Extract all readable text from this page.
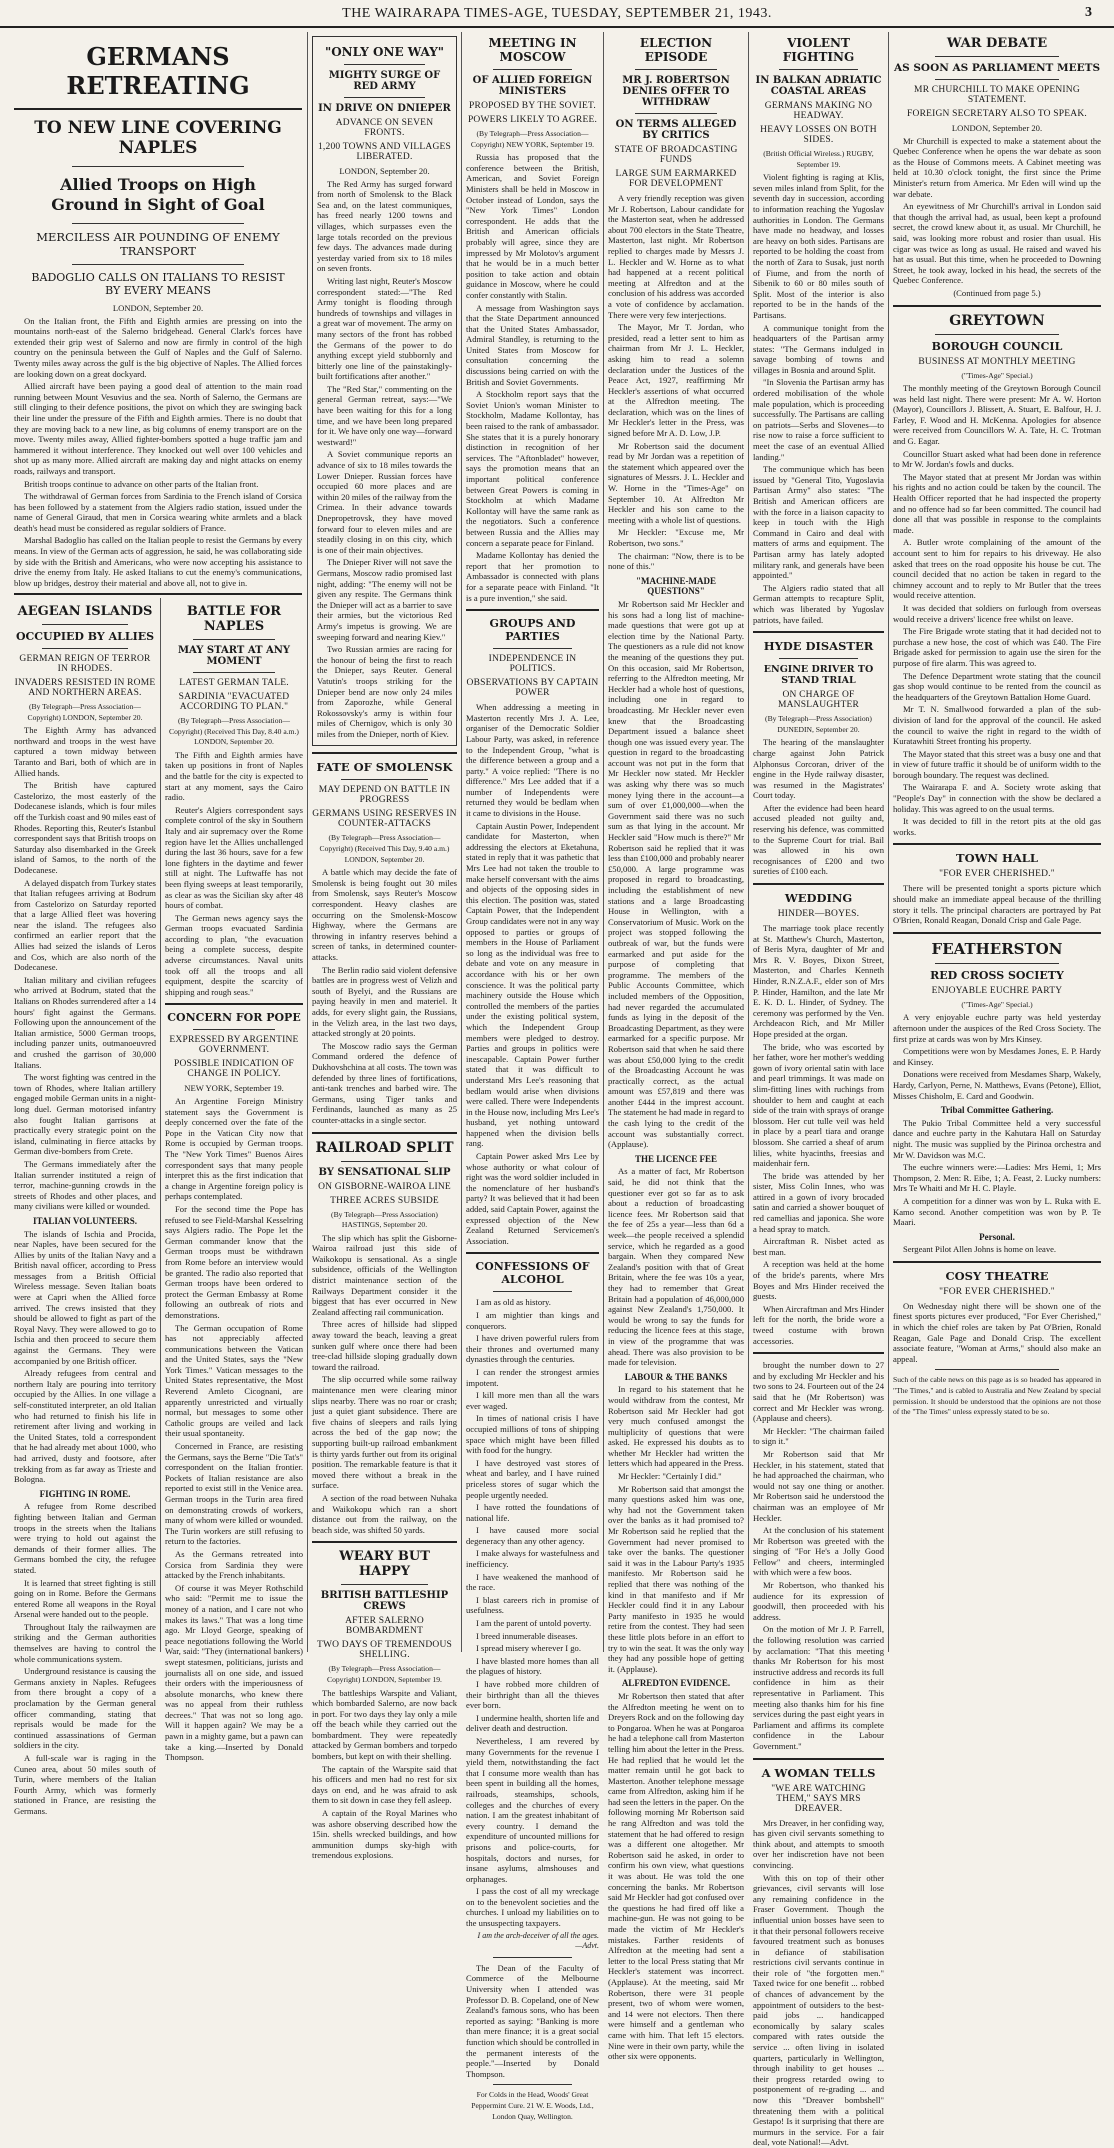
THE WAIRARAPA TIMES-AGE, TUESDAY, SEPTEMBER 21, 1943.	3
GERMANS RETREATING
TO NEW LINE COVERING NAPLES
Allied Troops on High Ground in Sight of Goal
MERCILESS AIR POUNDING OF ENEMY TRANSPORT
BADOGLIO CALLS ON ITALIANS TO RESIST BY EVERY MEANS

LONDON, September 20.

On the Italian front, the Fifth and Eighth armies are pressing on into the mountains north-east of the Salerno bridgehead. General Clark's forces have extended their grip west of Salerno and now are firmly in control of the high country on the peninsula between the Gulf of Naples and the Gulf of Salerno. Twenty miles away across the gulf is the big objective of Naples. The Allied forces are looking down on a great dockyard.

Allied aircraft have been paying a good deal of attention to the main road running between Mount Vesuvius and the sea. North of Salerno, the Germans are still clinging to their defence positions, the pivot on which they are swinging back their line under the pressure of the Fifth and Eighth armies. There is no doubt that they are moving back to a new line, as big columns of enemy transport are on the move. Twenty miles away, Allied fighter-bombers spotted a huge traffic jam and hammered it without interference. They knocked out well over 100 vehicles and shot up as many more. Allied aircraft are making day and night attacks on enemy roads, railways and transport.

British troops continue to advance on other parts of the Italian front.

The withdrawal of German forces from Sardinia to the French island of Corsica has been followed by a statement from the Algiers radio station, issued under the name of General Giraud, that men in Corsica wearing white armlets and a black death's head must be considered as regular soldiers of France.

Marshal Badoglio has called on the Italian people to resist the Germans by every means. In view of the German acts of aggression, he said, he was collaborating side by side with the British and Americans, who were now accepting his assistance to drive the enemy from Italy. He asked Italians to cut the enemy's communications, blow up bridges, destroy their material and above all, not to give in.

AEGEAN ISLANDS
OCCUPIED BY ALLIES
GERMAN REIGN OF TERROR IN RHODES.
INVADERS RESISTED IN ROME AND NORTHERN AREAS.

(By Telegraph—Press Association—Copyright) LONDON, September 20.

The Eighth Army has advanced northward and troops in the west have captured a town midway between Taranto and Bari, both of which are in Allied hands.

The British have captured Castelorizo, the most easterly of the Dodecanese islands, which is four miles off the Turkish coast and 90 miles east of Rhodes. Reporting this, Reuter's Istanbul correspondent says that British troops on Saturday also disembarked in the Greek island of Samos, to the north of the Dodecanese.

A delayed dispatch from Turkey states that Italian refugees arriving at Bodrum from Castelorizo on Saturday reported that a large Allied fleet was hovering near the island. The refugees also confirmed an earlier report that the Allies had seized the islands of Leros and Cos, which are also north of the Dodecanese.

Italian military and civilian refugees who arrived at Bodrum, stated that the Italians on Rhodes surrendered after a 14 hours' fight against the Germans. Following upon the announcement of the Italian armistice, 5000 German troops, including panzer units, outmanoeuvred and crushed the garrison of 30,000 Italians.

The worst fighting was centred in the town of Rhodes, where Italian artillery engaged mobile German units in a night-long duel. German motorised infantry also fought Italian garrisons at practically every strategic point on the island, culminating in fierce attacks by German dive-bombers from Crete.

The Germans immediately after the Italian surrender instituted a reign of terror, machine-gunning crowds in the streets of Rhodes and other places, and many civilians were killed or wounded.

ITALIAN VOLUNTEERS.

The islands of Ischia and Procida, near Naples, have been secured for the Allies by units of the Italian Navy and a British naval officer, according to Press messages from a British Official Wireless message. Seven Italian boats were at Capri when the Allied force arrived. The crews insisted that they should be allowed to fight as part of the Royal Navy. They were allowed to go to Ischia and then proceed to secure them against the Germans. They were accompanied by one British officer.

Already refugees from central and northern Italy are pouring into territory occupied by the Allies. In one village a self-constituted interpreter, an old Italian who had returned to finish his life in retirement after living and working in the United States, told a correspondent that he had already met about 1000, who had arrived, dusty and footsore, after trekking from as far away as Trieste and Bologna.

FIGHTING IN ROME.

A refugee from Rome described fighting between Italian and German troops in the streets when the Italians were trying to hold out against the demands of their former allies. The Germans bombed the city, the refugee stated.

It is learned that street fighting is still going on in Rome. Before the Germans entered Rome all weapons in the Royal Arsenal were handed out to the people.

Throughout Italy the railwaymen are striking and the German authorities themselves are having to control the whole communications system.

Underground resistance is causing the Germans anxiety in Naples. Refugees from there brought a copy of a proclamation by the German general officer commanding, stating that reprisals would be made for the continued assassinations of German soldiers in the city.

A full-scale war is raging in the Cuneo area, about 50 miles south of Turin, where members of the Italian Fourth Army, which was formerly stationed in France, are resisting the Germans.

BATTLE FOR NAPLES
MAY START AT ANY MOMENT
LATEST GERMAN TALE.
SARDINIA "EVACUATED ACCORDING TO PLAN."

(By Telegraph—Press Association—Copyright) (Received This Day, 8.40 a.m.) LONDON, September 20.

The Fifth and Eighth armies have taken up positions in front of Naples and the battle for the city is expected to start at any moment, says the Cairo radio.

Reuter's Algiers correspondent says complete control of the sky in Southern Italy and air supremacy over the Rome region have let the Allies unchallenged during the last 36 hours, save for a few lone fighters in the daytime and fewer still at night. The Luftwaffe has not been flying sweeps at least temporarily, as clear as was the Sicilian sky after 48 hours of combat.

The German news agency says the German troops evacuated Sardinia according to plan, "the evacuation being a complete success, despite adverse circumstances. Naval units took off all the troops and all equipment, despite the scarcity of shipping and rough seas."

CONCERN FOR POPE
EXPRESSED BY ARGENTINE GOVERNMENT.
POSSIBLE INDICATION OF CHANGE IN POLICY.

NEW YORK, September 19.

An Argentine Foreign Ministry statement says the Government is deeply concerned over the fate of the Pope in the Vatican City now that Rome is occupied by German troops. The "New York Times" Buenos Aires correspondent says that many people interpret this as the first indication that a change in Argentine foreign policy is perhaps contemplated.

For the second time the Pope has refused to see Field-Marshal Kesselring says Algiers radio. The Pope let the German commander know that the German troops must be withdrawn from Rome before an interview would be granted. The radio also reported that German troops have been ordered to protect the German Embassy at Rome following an outbreak of riots and demonstrations.

The German occupation of Rome has not appreciably affected communications between the Vatican and the United States, says the "New York Times." Vatican messages to the United States representative, the Most Reverend Amleto Cicognani, are apparently unrestricted and virtually normal, but messages to some other Catholic groups are veiled and lack their usual spontaneity.

Concerned in France, are resisting the Germans, says the Berne "Die Tat's" correspondent on the Italian frontier. Pockets of Italian resistance are also reported to exist still in the Venice area. German troops in the Turin area fired on demonstrating crowds of workers, many of whom were killed or wounded. The Turin workers are still refusing to return to the factories.

As the Germans retreated into Corsica from Sardinia they were attacked by the French inhabitants.

Of course it was Meyer Rothschild who said: "Permit me to issue the money of a nation, and I care not who makes its laws." That was a long time ago. Mr Lloyd George, speaking of peace negotiations following the World War, said: "They (international bankers) swept statesmen, politicians, jurists and journalists all on one side, and issued their orders with the imperiousness of absolute monarchs, who knew there was no appeal from their ruthless decrees." That was not so long ago. Will it happen again? We may be a pawn in a mighty game, but a pawn can take a king.—Inserted by Donald Thompson.

"ONLY ONE WAY"
MIGHTY SURGE OF RED ARMY
IN DRIVE ON DNIEPER
ADVANCE ON SEVEN FRONTS.
1,200 TOWNS AND VILLAGES LIBERATED.

LONDON, September 20.

The Red Army has surged forward from north of Smolensk to the Black Sea and, on the latest communiques, has freed nearly 1200 towns and villages, which surpasses even the large totals recorded on the previous few days. The advances made during yesterday varied from six to 18 miles on seven fronts.

Writing last night, Reuter's Moscow correspondent stated:—"The Red Army tonight is flooding through hundreds of townships and villages in a great war of movement. The army on many sectors of the front has robbed the Germans of the power to do anything except yield stubbornly and bitterly one line of the painstakingly-built fortifications after another."

The "Red Star," commenting on the general German retreat, says:—"We have been waiting for this for a long time, and we have been long prepared for it. We have only one way—forward westward!"

A Soviet communique reports an advance of six to 18 miles towards the Lower Dnieper. Russian forces have occupied 60 more places and are within 20 miles of the railway from the Crimea. In their advance towards Dnepropetrovsk, they have moved forward four to eleven miles and are steadily closing in on this city, which is one of their main objectives.

The Dnieper River will not save the Germans, Moscow radio promised last night, adding: "The enemy will not be given any respite. The Germans think the Dnieper will act as a barrier to save their armies, but the victorious Red Army's impetus is growing. We are sweeping forward and nearing Kiev."

Two Russian armies are racing for the honour of being the first to reach the Dnieper, says Reuter. General Vatutin's troops striking for the Dnieper bend are now only 24 miles from Zaporozhe, while General Rokossovsky's army is within four miles of Chernigov, which is only 30 miles from the Dnieper, north of Kiev.

FATE OF SMOLENSK
MAY DEPEND ON BATTLE IN PROGRESS
GERMANS USING RESERVES IN COUNTER-ATTACKS

(By Telegraph—Press Association—Copyright) (Received This Day, 9.40 a.m.) LONDON, September 20.

A battle which may decide the fate of Smolensk is being fought out 30 miles from Smolensk, says Reuter's Moscow correspondent. Heavy clashes are occurring on the Smolensk-Moscow Highway, where the Germans are throwing in infantry reserves behind a screen of tanks, in determined counter-attacks.

The Berlin radio said violent defensive battles are in progress west of Velizh and south of Byelyi, and the Russians are paying heavily in men and materiel. It adds, for every slight gain, the Russians, in the Velizh area, in the last two days, attacked strongly at 20 points.

The Moscow radio says the German Command ordered the defence of Dukhovshchina at all costs. The town was defended by three lines of fortifications, anti-tank trenches and barbed wire. The Germans, using Tiger tanks and Ferdinands, launched as many as 25 counter-attacks in a single sector.

RAILROAD SPLIT
BY SENSATIONAL SLIP
ON GISBORNE-WAIROA LINE
THREE ACRES SUBSIDE

(By Telegraph—Press Association) HASTINGS, September 20.

The slip which has split the Gisborne-Wairoa railroad just this side of Waikokopu is sensational. As a single subsidence, officials of the Wellington district maintenance section of the Railways Department consider it the biggest that has ever occurred in New Zealand affecting rail communication.

Three acres of hillside had slipped away toward the beach, leaving a great sunken gulf where once there had been tree-clad hillside sloping gradually down toward the railroad.

The slip occurred while some railway maintenance men were clearing minor slips nearby. There was no roar or crash; just a quiet giant subsidence. There are five chains of sleepers and rails lying across the bed of the gap now; the supporting built-up railroad embankment is thirty yards further out from its original position. The remarkable feature is that it moved there without a break in the surface.

A section of the road between Nuhaka and Waikokopu which ran a short distance out from the railway, on the beach side, was shifted 50 yards.

WEARY BUT HAPPY
BRITISH BATTLESHIP CREWS
AFTER SALERNO BOMBARDMENT
TWO DAYS OF TREMENDOUS SHELLING.

(By Telegraph—Press Association—Copyright) LONDON, September 19.

The battleships Warspite and Valiant, which bombarded Salerno, are now back in port. For two days they lay only a mile off the beach while they carried out the bombardment. They were repeatedly attacked by German bombers and torpedo bombers, but kept on with their shelling.

The captain of the Warspite said that his officers and men had no rest for six days on end, and he was afraid to ask them to sit down in case they fell asleep.

A captain of the Royal Marines who was ashore observing described how the 15in. shells wrecked buildings, and how ammunition dumps sky-high with tremendous explosions.

MEETING IN MOSCOW
OF ALLIED FOREIGN MINISTERS
PROPOSED BY THE SOVIET.
POWERS LIKELY TO AGREE.

(By Telegraph—Press Association—Copyright) NEW YORK, September 19.

Russia has proposed that the conference between the British, American, and Soviet Foreign Ministers shall be held in Moscow in October instead of London, says the "New York Times" London correspondent. He adds that the British and American officials probably will agree, since they are impressed by Mr Molotov's argument that he would be in a much better position to take action and obtain guidance in Moscow, where he could confer constantly with Stalin.

A message from Washington says that the State Department announced that the United States Ambassador, Admiral Standley, is returning to the United States from Moscow for consultation concerning the discussions being carried on with the British and Soviet Governments.

A Stockholm report says that the Soviet Union's woman Minister to Stockholm, Madame Kollontay, has been raised to the rank of ambassador. She states that it is a purely honorary distinction in recognition of her services. The "Aftonbladet" however, says the promotion means that an important political conference between Great Powers is coming in Stockholm at which Madame Kollontay will have the same rank as the negotiators. Such a conference between Russia and the Allies may concern a separate peace for Finland.

Madame Kollontay has denied the report that her promotion to Ambassador is connected with plans for a separate peace with Finland. "It is a pure invention," she said.

GROUPS AND PARTIES
INDEPENDENCE IN POLITICS.
OBSERVATIONS BY CAPTAIN POWER

When addressing a meeting in Masterton recently Mrs J. A. Lee, organiser of the Democratic Soldier Labour Party, was asked, in reference to the Independent Group, "what is the difference between a group and a party." A voice replied: "There is no difference." Mrs Lee added that if a number of Independents were returned they would be bedlam when it came to divisions in the House.

Captain Austin Power, Independent candidate for Masterton, when addressing the electors at Eketahuna, stated in reply that it was pathetic that Mrs Lee had not taken the trouble to make herself conversant with the aims and objects of the opposing sides in this election. The position was, stated Captain Power, that the Independent Group candidates were not in any way opposed to parties or groups of members in the House of Parliament so long as the individual was free to debate and vote on any measure in accordance with his or her own conscience. It was the political party machinery outside the House which controlled the members of the parties under the existing political system, which the Independent Group members were pledged to destroy. Parties and groups in politics were inescapable. Captain Power further stated that it was difficult to understand Mrs Lee's reasoning that bedlam would arise when divisions were called. There were Independents in the House now, including Mrs Lee's husband, yet nothing untoward happened when the division bells rang.

Captain Power asked Mrs Lee by whose authority or what colour of right was the word soldier included in the nomenclature of her husband's party? It was believed that it had been added, said Captain Power, against the expressed objection of the New Zealand Returned Servicemen's Association.

CONFESSIONS OF ALCOHOL

I am as old as history.

I am mightier than kings and conquerors.

I have driven powerful rulers from their thrones and overturned many dynasties through the centuries.

I can render the strongest armies impotent.

I kill more men than all the wars ever waged.

In times of national crisis I have occupied millions of tons of shipping space which might have been filled with food for the hungry.

I have destroyed vast stores of wheat and barley, and I have ruined priceless stores of sugar which the people urgently needed.

I have rotted the foundations of national life.

I have caused more social degeneracy than any other agency.

I make always for wastefulness and inefficiency.

I have weakened the manhood of the race.

I blast careers rich in promise of usefulness.

I am the parent of untold poverty.

I breed innumerable diseases.

I spread misery wherever I go.

I have blasted more homes than all the plagues of history.

I have robbed more children of their birthright than all the thieves ever born.

I undermine health, shorten life and deliver death and destruction.

Nevertheless, I am revered by many Governments for the revenue I yield them, notwithstanding the fact that I consume more wealth than has been spent in building all the homes, railroads, steamships, schools, colleges and the churches of every nation. I am the greatest inhabitant of every country. I demand the expenditure of uncounted millions for prisons and police-courts, for hospitals, doctors and nurses, for insane asylums, almshouses and orphanages.

I pass the cost of all my wreckage on to the benevolent societies and the churches. I unload my liabilities on to the unsuspecting taxpayers.

I am the arch-deceiver of all the ages.—Advt.

The Dean of the Faculty of Commerce of the Melbourne University when I attended was Professor D. B. Copeland, one of New Zealand's famous sons, who has been reported as saying: "Banking is more than mere finance; it is a great social function which should be controlled in the permanent interests of the people."—Inserted by Donald Thompson.

For Colds in the Head, Woods' Great Peppermint Cure. 21 W. E. Woods, Ltd., London Quay, Wellington.

ELECTION EPISODE
MR J. ROBERTSON DENIES OFFER TO WITHDRAW
ON TERMS ALLEGED BY CRITICS
STATE OF BROADCASTING FUNDS
LARGE SUM EARMARKED FOR DEVELOPMENT

A very friendly reception was given Mr J. Robertson, Labour candidate for the Masterton seat, when he addressed about 700 electors in the State Theatre, Masterton, last night. Mr Robertson replied to charges made by Messrs J. L. Heckler and W. Horne as to what had happened at a recent political meeting at Alfredton and at the conclusion of his address was accorded a vote of confidence by acclamation. There were very few interjections.

The Mayor, Mr T. Jordan, who presided, read a letter sent to him as chairman from Mr J. L. Heckler, asking him to read a solemn declaration under the Justices of the Peace Act, 1927, reaffirming Mr Heckler's assertions of what occurred at the Alfredton meeting. The declaration, which was on the lines of Mr Heckler's letter in the Press, was signed before Mr A. D. Low, J.P.

Mr Robertson said the document read by Mr Jordan was a repetition of the statement which appeared over the signatures of Messrs. J. L. Heckler and W. Horne in the "Times-Age" on September 10. At Alfredton Mr Heckler and his son came to the meeting with a whole list of questions.

Mr Heckler: "Excuse me, Mr Robertson, two sons."

The chairman: "Now, there is to be none of this."

"MACHINE-MADE QUESTIONS"

Mr Robertson said Mr Heckler and his sons had a long list of machine-made questions that were got up at election time by the National Party. The questioners as a rule did not know the meaning of the questions they put. On this occasion, said Mr Robertson, referring to the Alfredton meeting, Mr Heckler had a whole host of questions, including one in regard to broadcasting. Mr Heckler never even knew that the Broadcasting Department issued a balance sheet though one was issued every year. The question in regard to the broadcasting account was not put in the form that Mr Heckler now stated. Mr Heckler was asking why there was so much money lying there in the account—a sum of over £1,000,000—when the Government said there was no such sum as that lying in the account. Mr Heckler said "How much is there?" Mr Robertson said he replied that it was less than £100,000 and probably nearer £50,000. A large programme was proposed in regard to broadcasting, including the establishment of new stations and a large Broadcasting House in Wellington, with a Conservatorium of Music. Work on the project was stopped following the outbreak of war, but the funds were earmarked and put aside for the purpose of completing that programme. The members of the Public Accounts Committee, which included members of the Opposition, had never regarded the accumulated funds as lying in the deposit of the Broadcasting Department, as they were earmarked for a specific purpose. Mr Robertson said that when he said there was about £50,000 lying to the credit of the Broadcasting Account he was practically correct, as the actual amount was £57,819 and there was another £444 in the imprest account. The statement he had made in regard to the cash lying to the credit of the account was substantially correct. (Applause).

THE LICENCE FEE

As a matter of fact, Mr Robertson said, he did not think that the questioner ever got so far as to ask about a reduction of broadcasting licence fees. Mr Robertson said that the fee of 25s a year—less than 6d a week—the people received a splendid service, which he regarded as a good bargain. When they compared New Zealand's position with that of Great Britain, where the fee was 10s a year, they had to remember that Great Britain had a population of 46,000,000 against New Zealand's 1,750,000. It would be wrong to say the funds for reducing the licence fees at this stage, in view of the programme that was ahead. There was also provision to be made for television.

LABOUR & THE BANKS

In regard to his statement that he would withdraw from the contest, Mr Robertson said Mr Heckler had got very much confused amongst the multiplicity of questions that were asked. He expressed his doubts as to whether Mr Heckler had written the letters which had appeared in the Press.

Mr Heckler: "Certainly I did."

Mr Robertson said that amongst the many questions asked him was one, why had not the Government taken over the banks as it had promised to? Mr Robertson said he replied that the Government had never promised to take over the banks. The questioner said it was in the Labour Party's 1935 manifesto. Mr Robertson said he replied that there was nothing of the kind in that manifesto and if Mr Heckler could find it in any Labour Party manifesto in 1935 he would retire from the contest. They had seen these little plots before in an effort to try to win the seat. It was the only way they had any possible hope of getting it. (Applause).

ALFREDTON EVIDENCE.

Mr Robertson then stated that after the Alfredton meeting he went on to Dreyers Rock and on the following day to Pongaroa. When he was at Pongaroa he had a telephone call from Masterton telling him about the letter in the Press. He had replied that he would let the matter remain until he got back to Masterton. Another telephone message came from Alfredton, asking him if he had seen the letters in the paper. On the following morning Mr Robertson said he rang Alfredton and was told the statement that he had offered to resign was a different one altogether. Mr Robertson said he asked, in order to confirm his own view, what questions it was about. He was told the one concerning the banks. Mr Robertson said Mr Heckler had got confused over the questions he had fired off like a machine-gun. He was not going to be made the victim of Mr Heckler's mistakes. Farther residents of Alfredton at the meeting had sent a letter to the local Press stating that Mr Heckler's statement was incorrect. (Applause). At the meeting, said Mr Robertson, there were 31 people present, two of whom were women, and 14 were not electors. Then there were himself and a gentleman who came with him. That left 15 electors. Nine were in their own party, while the other six were opponents.

VIOLENT FIGHTING
IN BALKAN ADRIATIC COASTAL AREAS
GERMANS MAKING NO HEADWAY.
HEAVY LOSSES ON BOTH SIDES.

(British Official Wireless.) RUGBY, September 19.

Violent fighting is raging at Klis, seven miles inland from Split, for the seventh day in succession, according to information reaching the Yugoslav authorities in London. The Germans have made no headway, and losses are heavy on both sides. Partisans are reported to be holding the coast from the north of Zara to Susak, just north of Fiume, and from the north of Sibenik to 60 or 80 miles south of Split. Most of the interior is also reported to be in the hands of the Partisans.

A communique tonight from the headquarters of the Partisan army states: "The Germans indulged in savage bombing of towns and villages in Bosnia and around Split.

"In Slovenia the Partisan army has ordered mobilisation of the whole male population, which is proceeding successfully. The Partisans are calling on patriots—Serbs and Slovenes—to rise now to raise a force sufficient to meet the case of an eventual Allied landing."

The communique which has been issued by "General Tito, Yugoslavia Partisan Army" also states: "The British and American officers are with the force in a liaison capacity to keep in touch with the High Command in Cairo and deal with matters of arms and equipment. The Partisan army has lately adopted military rank, and generals have been appointed."

The Algiers radio stated that all German attempts to recapture Split, which was liberated by Yugoslav patriots, have failed.

HYDE DISASTER
ENGINE DRIVER TO STAND TRIAL
ON CHARGE OF MANSLAUGHTER

(By Telegraph—Press Association) DUNEDIN, September 20.

The hearing of the manslaughter charge against John Patrick Alphonsus Corcoran, driver of the engine in the Hyde railway disaster, was resumed in the Magistrates' Court today.

After the evidence had been heard accused pleaded not guilty and, reserving his defence, was committed to the Supreme Court for trial. Bail was allowed in his own recognisances of £200 and two sureties of £100 each.

WEDDING
HINDER—BOYES.

The marriage took place recently at St. Matthew's Church, Masterton, of Beris Myra, daughter of Mr and Mrs R. V. Boyes, Dixon Street, Masterton, and Charles Kenneth Hinder, R.N.Z.A.F., elder son of Mrs P. Hinder, Hamilton, and the late Mr E. K. D. L. Hinder, of Sydney. The ceremony was performed by the Ven. Archdeacon Rich, and Mr Miller Hope presided at the organ.

The bride, who was escorted by her father, wore her mother's wedding gown of ivory oriental satin with lace and pearl trimmings. It was made on slim-fitting lines with ruchings from shoulder to hem and caught at each side of the train with sprays of orange blossom. Her cut tulle veil was held in place by a pearl tiara and orange blossom. She carried a sheaf of arum lilies, white hyacinths, freesias and maidenhair fern.

The bride was attended by her sister, Miss Colin Innes, who was attired in a gown of ivory brocaded satin and carried a shower bouquet of red camellias and japonica. She wore a head spray to match.

Aircraftman R. Nisbet acted as best man.

A reception was held at the home of the bride's parents, where Mrs Boyes and Mrs Hinder received the guests.

When Aircraftman and Mrs Hinder left for the north, the bride wore a tweed costume with brown accessories.

brought the number down to 27 and by excluding Mr Heckler and his two sons to 24. Fourteen out of the 24 said that he (Mr Robertson) was correct and Mr Heckler was wrong. (Applause and cheers).

Mr Heckler: "The chairman failed to sign it."

Mr Robertson said that Mr Heckler, in his statement, stated that he had approached the chairman, who would not say one thing or another. Mr Robertson said he understood the chairman was an employee of Mr Heckler.

At the conclusion of his statement Mr Robertson was greeted with the singing of "For He's a Jolly Good Fellow" and cheers, intermingled with which were a few boos.

Mr Robertson, who thanked his audience for its expression of goodwill, then proceeded with his address.

On the motion of Mr J. P. Farrell, the following resolution was carried by acclamation: "That this meeting thanks Mr Robertson for his most instructive address and records its full confidence in him as their representative in Parliament. This meeting also thanks him for his fine services during the past eight years in Parliament and affirms its complete confidence in the Labour Government."

A WOMAN TELLS
"WE ARE WATCHING THEM," SAYS MRS DREAVER.

Mrs Dreaver, in her confiding way, has given civil servants something to think about, and attempts to smooth over her indiscretion have not been convincing.

With this on top of their other grievances, civil servants will lose any remaining confidence in the Fraser Government. Though the influential union bosses have seen to it that their personal followers receive favoured treatment such as bonuses in defiance of stabilisation restrictions civil servants continue in their role of "the forgotten men." Taxed twice for one benefit ... robbed of chances of advancement by the appointment of outsiders to the best-paid jobs ... handicapped economically by salary scales compared with rates outside the service ... often living in isolated quarters, particularly in Wellington, through inability to get houses ... their progress retarded owing to postponement of re-grading ... and now this "Dreaver bombshell" threatening them with a political Gestapo! Is it surprising that there are murmurs in the service. For a fair deal, vote National!—Advt.

WAR DEBATE
AS SOON AS PARLIAMENT MEETS
MR CHURCHILL TO MAKE OPENING STATEMENT.
FOREIGN SECRETARY ALSO TO SPEAK.

LONDON, September 20.

Mr Churchill is expected to make a statement about the Quebec Conference when he opens the war debate as soon as the House of Commons meets. A Cabinet meeting was held at 10.30 o'clock tonight, the first since the Prime Minister's return from America. Mr Eden will wind up the war debate.

An eyewitness of Mr Churchill's arrival in London said that though the arrival had, as usual, been kept a profound secret, the crowd knew about it, as usual. Mr Churchill, he said, was looking more robust and rosier than usual. His cigar was twice as long as usual. He raised and waved his hat as usual. But this time, when he proceeded to Downing Street, he took away, locked in his head, the secrets of the Quebec Conference.

(Continued from page 5.)

GREYTOWN
BOROUGH COUNCIL
BUSINESS AT MONTHLY MEETING

("Times-Age" Special.)

The monthly meeting of the Greytown Borough Council was held last night. There were present: Mr A. W. Horton (Mayor), Councillors J. Blissett, A. Stuart, E. Balfour, H. J. Farley, F. Wood and H. McKenna. Apologies for absence were received from Councillors W. A. Tate, H. C. Trotman and G. Eagar.

Councillor Stuart asked what had been done in reference to Mr W. Jordan's fowls and ducks.

The Mayor stated that at present Mr Jordan was within his rights and no action could be taken by the council. The Health Officer reported that he had inspected the property and no offence had so far been committed. The council had done all that was possible in response to the complaints made.

A. Butler wrote complaining of the amount of the account sent to him for repairs to his driveway. He also asked that trees on the road opposite his house be cut. The council decided that no action be taken in regard to the chimney account and to reply to Mr Butler that the trees would receive attention.

It was decided that soldiers on furlough from overseas would receive a drivers' licence free whilst on leave.

The Fire Brigade wrote stating that it had decided not to purchase a new hose, the cost of which was £40. The Fire Brigade asked for permission to again use the siren for the purpose of fire alarm. This was agreed to.

The Defence Department wrote stating that the council gas shop would continue to be rented from the council as the headquarters of the Greytown Battalion Home Guard.

Mr T. N. Smallwood forwarded a plan of the sub-division of land for the approval of the council. He asked the council to waive the right in regard to the width of Kuratawhiti Street fronting his property.

The Mayor stated that this street was a busy one and that in view of future traffic it should be of uniform width to the borough boundary. The request was declined.

The Wairarapa F. and A. Society wrote asking that "People's Day" in connection with the show be declared a holiday. This was agreed to on the usual terms.

It was decided to fill in the retort pits at the old gas works.

TOWN HALL
"FOR EVER CHERISHED."

There will be presented tonight a sports picture which should make an immediate appeal because of the thrilling story it tells. The principal characters are portrayed by Pat O'Brien, Ronald Reagan, Donald Crisp and Gale Page.

FEATHERSTON
RED CROSS SOCIETY
ENJOYABLE EUCHRE PARTY

("Times-Age" Special.)

A very enjoyable euchre party was held yesterday afternoon under the auspices of the Red Cross Society. The first prize at cards was won by Mrs Kinsey.

Competitions were won by Mesdames Jones, E. P. Hardy and Kinsey.

Donations were received from Mesdames Sharp, Wakely, Hardy, Carlyon, Perne, N. Matthews, Evans (Petone), Elliot, Misses Chisholm, E. Card and Goodwin.

Tribal Committee Gathering.

The Pukio Tribal Committee held a very successful dance and euchre party in the Kahutara Hall on Saturday night. The music was supplied by the Pirinoa orchestra and Mr W. Davidson was M.C.

The euchre winners were:—Ladies: Mrs Hemi, 1; Mrs Thompson, 2. Men: R. Eibe, 1; A. Feast, 2. Lucky numbers: Mrs Te Whaiti and Mr H. C. Playle.

A competition for a dinner was won by L. Ruka with E. Kamo second. Another competition was won by P. Te Maari.

Personal.

Sergeant Pilot Allen Johns is home on leave.

COSY THEATRE
"FOR EVER CHERISHED."

On Wednesday night there will be shown one of the finest sports pictures ever produced, "For Ever Cherished," in which the chief roles are taken by Pat O'Brien, Ronald Reagan, Gale Page and Donald Crisp. The excellent associate feature, "Woman at Arms," should also make an appeal.

Such of the cable news on this page as is so headed has appeared in "The Times," and is cabled to Australia and New Zealand by special permission. It should be understood that the opinions are not those of the "The Times" unless expressly stated to be so.
